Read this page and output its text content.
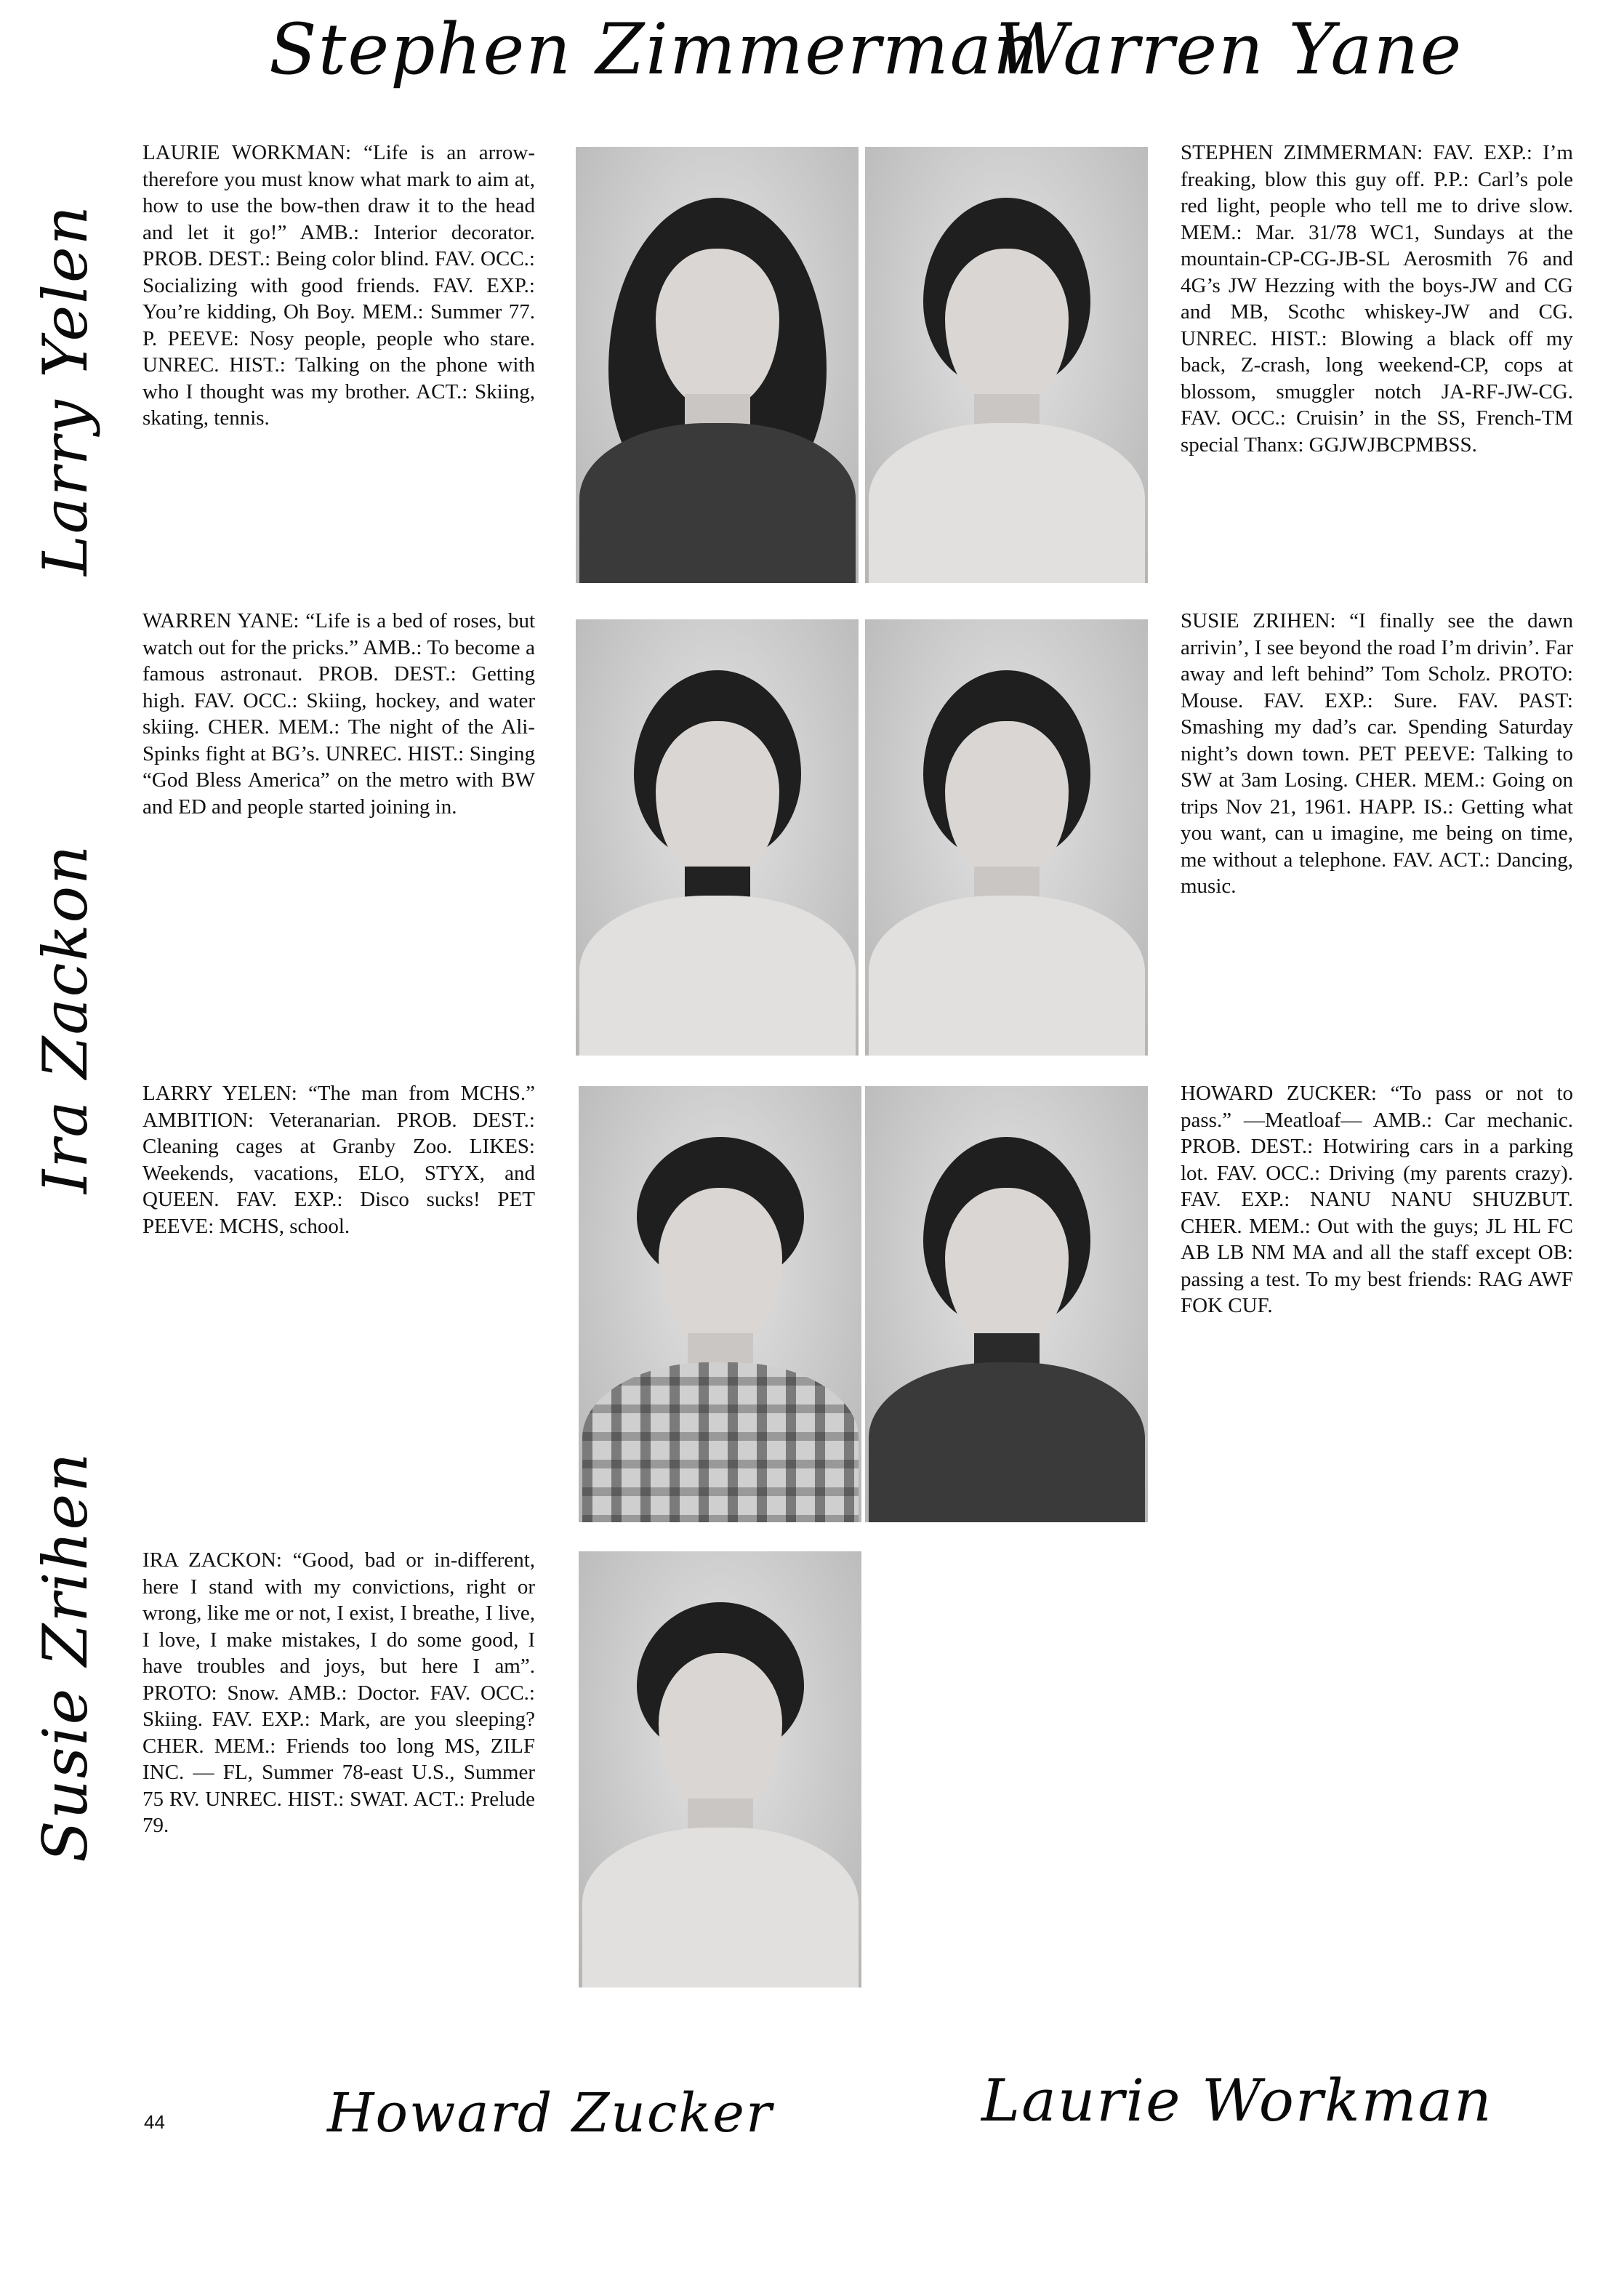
Stephen Zimmerman
Warren Yane
Larry Yelen
Ira Zackon
Susie Zrihen
LAURIE WORKMAN: “Life is an arrow-therefore you must know what mark to aim at, how to use the bow-then draw it to the head and let it go!” AMB.: Interior decorator. PROB. DEST.: Being color blind. FAV. OCC.: Socializing with good friends. FAV. EXP.: You’re kidding, Oh Boy. MEM.: Summer 77. P. PEEVE: Nosy people, people who stare. UNREC. HIST.: Talking on the phone with who I thought was my brother. ACT.: Skiing, skating, tennis.
STEPHEN ZIMMERMAN: FAV. EXP.: I’m freaking, blow this guy off. P.P.: Carl’s pole red light, people who tell me to drive slow. MEM.: Mar. 31/78 WC1, Sundays at the mountain-CP-CG-JB-SL Aerosmith 76 and 4G’s JW Hezzing with the boys-JW and CG and MB, Scothc whiskey-JW and CG. UNREC. HIST.: Blowing a black off my back, Z-crash, long weekend-CP, cops at blossom, smuggler notch JA-RF-JW-CG. FAV. OCC.: Cruisin’ in the SS, French-TM special Thanx: GGJWJBCPMBSS.
WARREN YANE: “Life is a bed of roses, but watch out for the pricks.” AMB.: To become a famous astronaut. PROB. DEST.: Getting high. FAV. OCC.: Skiing, hockey, and water skiing. CHER. MEM.: The night of the Ali-Spinks fight at BG’s. UNREC. HIST.: Singing “God Bless America” on the metro with BW and ED and people started joining in.
SUSIE ZRIHEN: “I finally see the dawn arrivin’, I see beyond the road I’m drivin’. Far away and left behind” Tom Scholz. PROTO: Mouse. FAV. EXP.: Sure. FAV. PAST: Smashing my dad’s car. Spending Saturday night’s down town. PET PEEVE: Talking to SW at 3am Losing. CHER. MEM.: Going on trips Nov 21, 1961. HAPP. IS.: Getting what you want, can u imagine, me being on time, me without a telephone. FAV. ACT.: Dancing, music.
LARRY YELEN: “The man from MCHS.” AMBITION: Veteranarian. PROB. DEST.: Cleaning cages at Granby Zoo. LIKES: Weekends, vacations, ELO, STYX, and QUEEN. FAV. EXP.: Disco sucks! PET PEEVE: MCHS, school.
HOWARD ZUCKER: “To pass or not to pass.” —Meatloaf— AMB.: Car mechanic. PROB. DEST.: Hotwiring cars in a parking lot. FAV. OCC.: Driving (my parents crazy). FAV. EXP.: NANU NANU SHUZBUT. CHER. MEM.: Out with the guys; JL HL FC AB LB NM MA and all the staff except OB: passing a test. To my best friends: RAG AWF FOK CUF.
IRA ZACKON: “Good, bad or in-different, here I stand with my convictions, right or wrong, like me or not, I exist, I breathe, I live, I love, I make mistakes, I do some good, I have troubles and joys, but here I am”. PROTO: Snow. AMB.: Doctor. FAV. OCC.: Skiing. FAV. EXP.: Mark, are you sleeping? CHER. MEM.: Friends too long MS, ZILF INC. — FL, Summer 78-east U.S., Summer 75 RV. UNREC. HIST.: SWAT. ACT.: Prelude 79.
44	Howard Zucker	Laurie Workman
